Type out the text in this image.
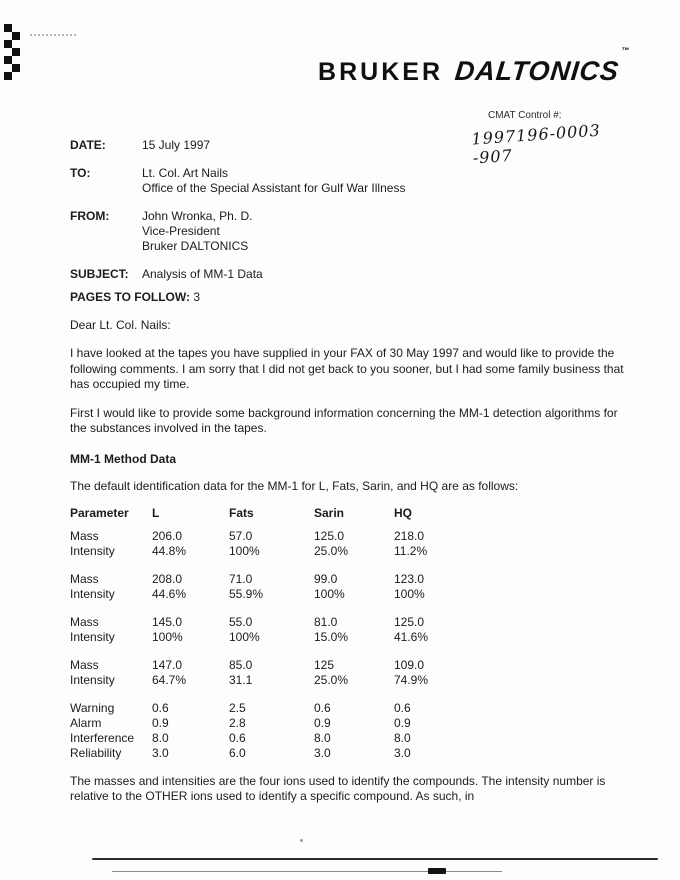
BRUKER DALTONICS™
CMAT Control #:
1997196-0003 -907
DATE:	15 July 1997
TO:	Lt. Col. Art Nails
Office of the Special Assistant for Gulf War Illness
FROM:	John Wronka, Ph. D.
Vice-President
Bruker DALTONICS
SUBJECT:	Analysis of MM-1 Data
PAGES TO FOLLOW: 3
Dear Lt. Col. Nails:

I have looked at the tapes you have supplied in your FAX of 30 May 1997 and would like to provide the following comments. I am sorry that I did not get back to you sooner, but I had some family business that has occupied my time.

First I would like to provide some background information concerning the MM-1 detection algorithms for the substances involved in the tapes.

MM-1 Method Data
The default identification data for the MM-1 for L, Fats, Sarin, and HQ are as follows:
Parameter	L	Fats	Sarin	HQ
Mass	206.0	57.0	125.0	218.0
Intensity	44.8%	100%	25.0%	11.2%
Mass	208.0	71.0	99.0	123.0
Intensity	44.6%	55.9%	100%	100%
Mass	145.0	55.0	81.0	125.0
Intensity	100%	100%	15.0%	41.6%
Mass	147.0	85.0	125	109.0
Intensity	64.7%	31.1	25.0%	74.9%
Warning	0.6	2.5	0.6	0.6
Alarm	0.9	2.8	0.9	0.9
Interference	8.0	0.6	8.0	8.0
Reliability	3.0	6.0	3.0	3.0

The masses and intensities are the four ions used to identify the compounds. The intensity number is relative to the OTHER ions used to identify a specific compound. As such, in
